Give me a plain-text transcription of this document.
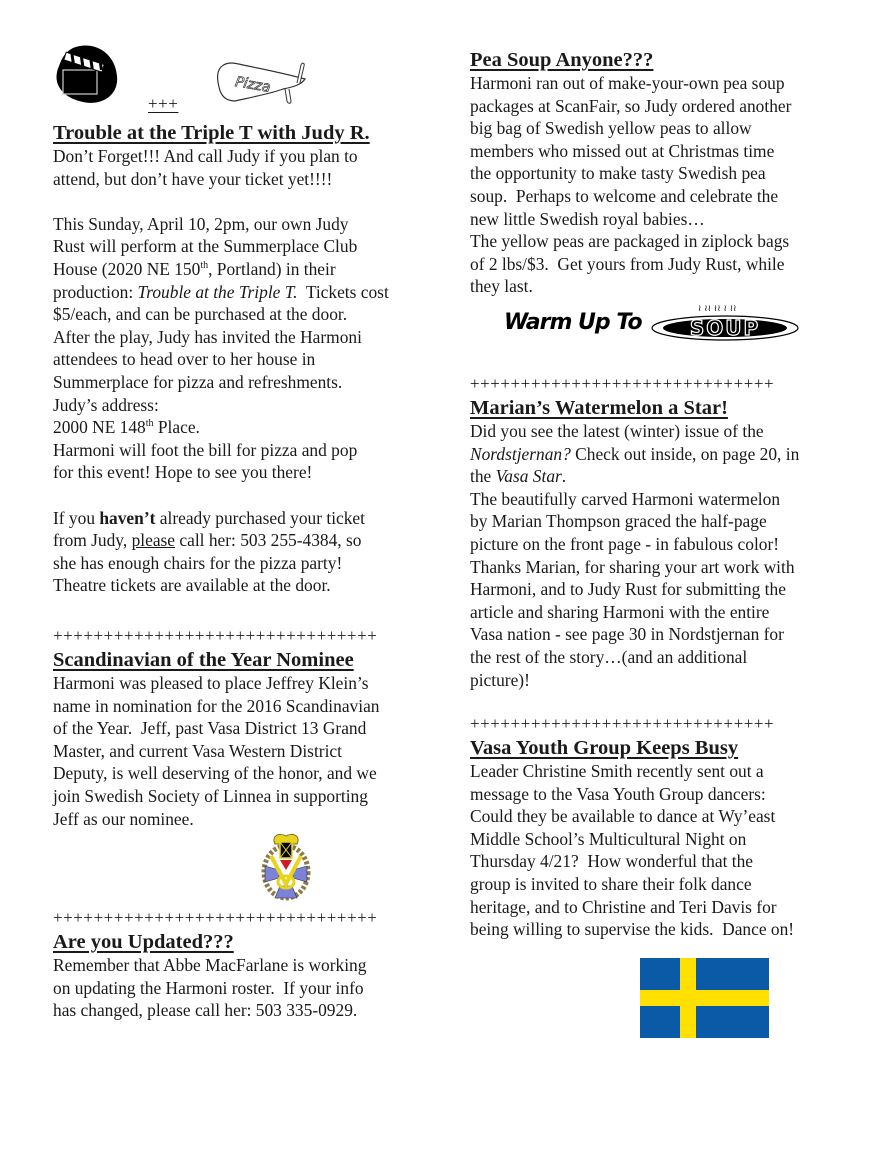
Pizza

+++

Trouble at the Triple T with Judy R.

Don’t Forget!!! And call Judy if you plan to

attend, but don’t have your ticket yet!!!!

This Sunday, April 10, 2pm, our own Judy

Rust will perform at the Summerplace Club

House (2020 NE 150th, Portland) in their

production: Trouble at the Triple T.  Tickets cost

$5/each, and can be purchased at the door.

After the play, Judy has invited the Harmoni

attendees to head over to her house in

Summerplace for pizza and refreshments.

Judy’s address:

2000 NE 148th Place.

Harmoni will foot the bill for pizza and pop

for this event! Hope to see you there!

If you haven’t already purchased your ticket

from Judy, please call her: 503 255-4384, so

she has enough chairs for the pizza party!

Theatre tickets are available at the door.

++++++++++++++++++++++++++++++++

Scandinavian of the Year Nominee

Harmoni was pleased to place Jeffrey Klein’s

name in nomination for the 2016 Scandinavian

of the Year.  Jeff, past Vasa District 13 Grand

Master, and current Vasa Western District

Deputy, is well deserving of the honor, and we

join Swedish Society of Linnea in supporting

Jeff as our nominee.

++++++++++++++++++++++++++++++++

Are you Updated???

Remember that Abbe MacFarlane is working

on updating the Harmoni roster.  If your info

has changed, please call her: 503 335-0929.

Pea Soup Anyone???

Harmoni ran out of make-your-own pea soup

packages at ScanFair, so Judy ordered another

big bag of Swedish yellow peas to allow

members who missed out at Christmas time

the opportunity to make tasty Swedish pea

soup.  Perhaps to welcome and celebrate the

new little Swedish royal babies…

The yellow peas are packaged in ziplock bags

of 2 lbs/$3.  Get yours from Judy Rust, while

they last.

Warm Up To
≀ ≀≀ ≀≀ ≀ ≀≀
SOUP

++++++++++++++++++++++++++++++

Marian’s Watermelon a Star!

Did you see the latest (winter) issue of the

Nordstjernan? Check out inside, on page 20, in

the Vasa Star.

The beautifully carved Harmoni watermelon

by Marian Thompson graced the half-page

picture on the front page - in fabulous color!

Thanks Marian, for sharing your art work with

Harmoni, and to Judy Rust for submitting the

article and sharing Harmoni with the entire

Vasa nation - see page 30 in Nordstjernan for

the rest of the story…(and an additional

picture)!

++++++++++++++++++++++++++++++

Vasa Youth Group Keeps Busy

Leader Christine Smith recently sent out a

message to the Vasa Youth Group dancers:

Could they be available to dance at Wy’east

Middle School’s Multicultural Night on

Thursday 4/21?  How wonderful that the

group is invited to share their folk dance

heritage, and to Christine and Teri Davis for

being willing to supervise the kids.  Dance on!
